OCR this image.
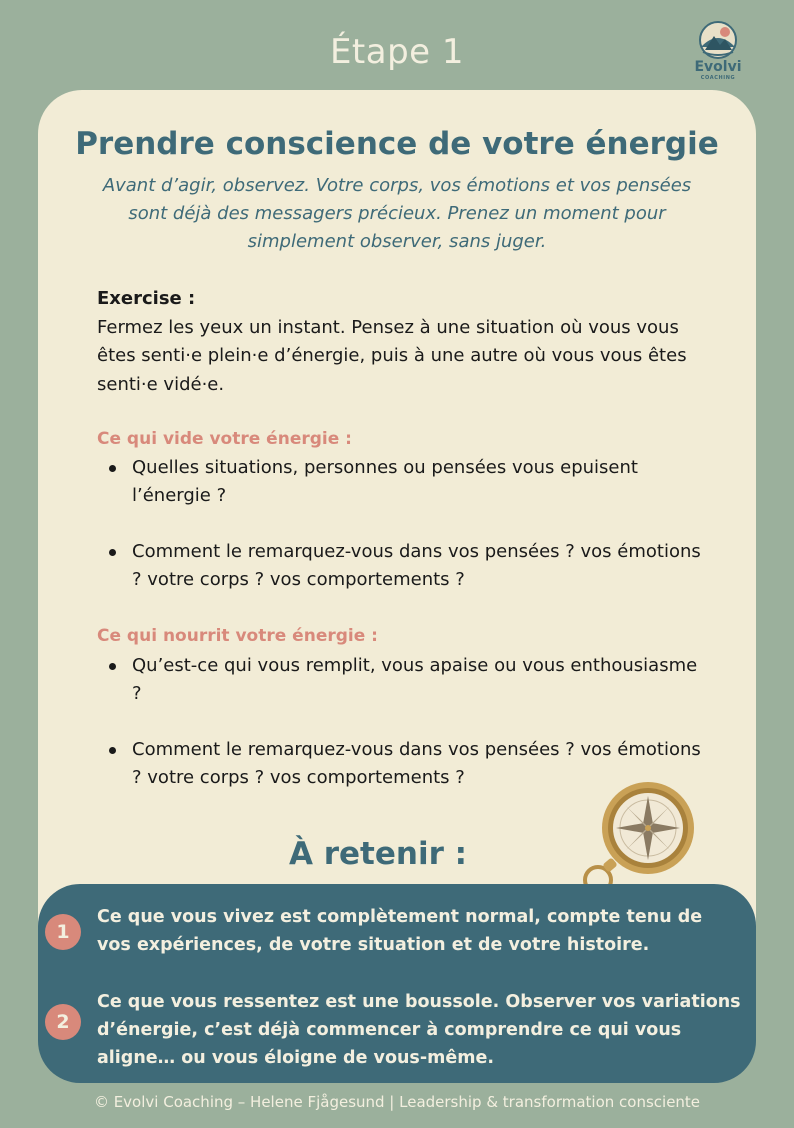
Étape 1	Evolvi
COACHING
Prendre conscience de votre énergie

Avant d’agir, observez. Votre corps, vos émotions et vos pensées sont déjà des messagers précieux. Prenez un moment pour simplement observer, sans juger.

Exercise :
Fermez les yeux un instant. Pensez à une situation où vous vous êtes senti·e plein·e d’énergie, puis à une autre où vous vous êtes senti·e vidé·e.
Ce qui vide votre énergie :
Quelles situations, personnes ou pensées vous epuisent l’énergie ?
Comment le remarquez-vous dans vos pensées ? vos émotions ? votre corps ? vos comportements ?
Ce qui nourrit votre énergie :
Qu’est-ce qui vous remplit, vous apaise ou vous enthousiasme ?
Comment le remarquez-vous dans vos pensées ? vos émotions ? votre corps ? vos comportements ?
À retenir :
1
Ce que vous vivez est complètement normal, compte tenu de vos expériences, de votre situation et de votre histoire.
2
Ce que vous ressentez est une boussole. Observer vos variations d’énergie, c’est déjà commencer à comprendre ce qui vous aligne… ou vous éloigne de vous-même.
© Evolvi Coaching – Helene Fjågesund | Leadership & transformation consciente
